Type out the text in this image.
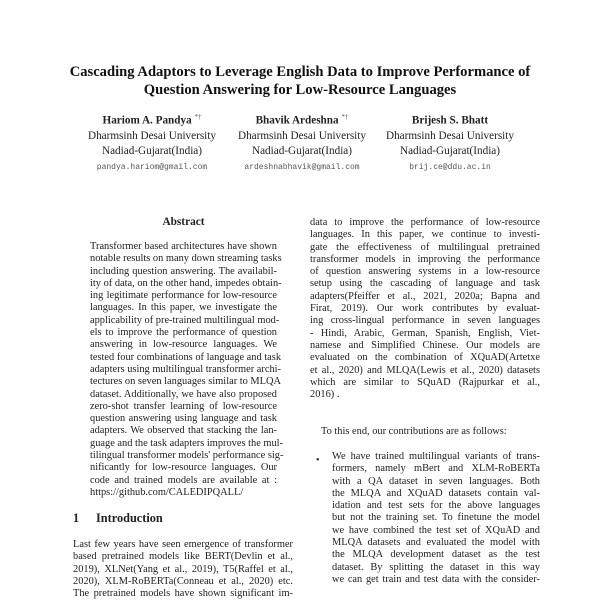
Cascading Adaptors to Leverage English Data to Improve Performance of
Question Answering for Low-Resource Languages
Hariom A. Pandya *†
Dharmsinh Desai University
Nadiad-Gujarat(India)
pandya.hariom@gmail.com
Bhavik Ardeshna *†
Dharmsinh Desai University
Nadiad-Gujarat(India)
ardeshnabhavik@gmail.com
Brijesh S. Bhatt
Dharmsinh Desai University
Nadiad-Gujarat(India)
brij.ce@ddu.ac.in
Abstract
Transformer based architectures have shown
notable results on many down streaming tasks
including question answering. The availabil-
ity of data, on the other hand, impedes obtain-
ing legitimate performance for low-resource
languages. In this paper, we investigate the
applicability of pre-trained multilingual mod-
els to improve the performance of question
answering in low-resource languages. We
tested four combinations of language and task
adapters using multilingual transformer archi-
tectures on seven languages similar to MLQA
dataset. Additionally, we have also proposed
zero-shot transfer learning of low-resource
question answering using language and task
adapters. We observed that stacking the lan-
guage and the task adapters improves the mul-
tilingual transformer models' performance sig-
nificantly for low-resource languages. Our
code and trained models are available at :
https://github.com/CALEDIPQALL/
1 Introduction
Last few years have seen emergence of transformer
based pretrained models like BERT(Devlin et al.,
2019), XLNet(Yang et al., 2019), T5(Raffel et al.,
2020), XLM-RoBERTa(Conneau et al., 2020) etc.
The pretrained models have shown significant im-
data to improve the performance of low-resource
languages. In this paper, we continue to investi-
gate the effectiveness of multilingual pretrained
transformer models in improving the performance
of question answering systems in a low-resource
setup using the cascading of language and task
adapters(Pfeiffer et al., 2021, 2020a; Bapna and
Firat, 2019). Our work contributes by evaluat-
ing cross-lingual performance in seven languages
- Hindi, Arabic, German, Spanish, English, Viet-
namese and Simplified Chinese. Our models are
evaluated on the combination of XQuAD(Artetxe
et al., 2020) and MLQA(Lewis et al., 2020) datasets
which are similar to SQuAD (Rajpurkar et al.,
2016) .
To this end, our contributions are as follows:
• We have trained multilingual variants of trans-
formers, namely mBert and XLM-RoBERTa
with a QA dataset in seven languages. Both
the MLQA and XQuAD datasets contain val-
idation and test sets for the above languages
but not the training set. To finetune the model
we have combined the test set of XQuAD and
MLQA datasets and evaluated the model with
the MLQA development dataset as the test
dataset. By splitting the dataset in this way
we can get train and test data with the consider-
